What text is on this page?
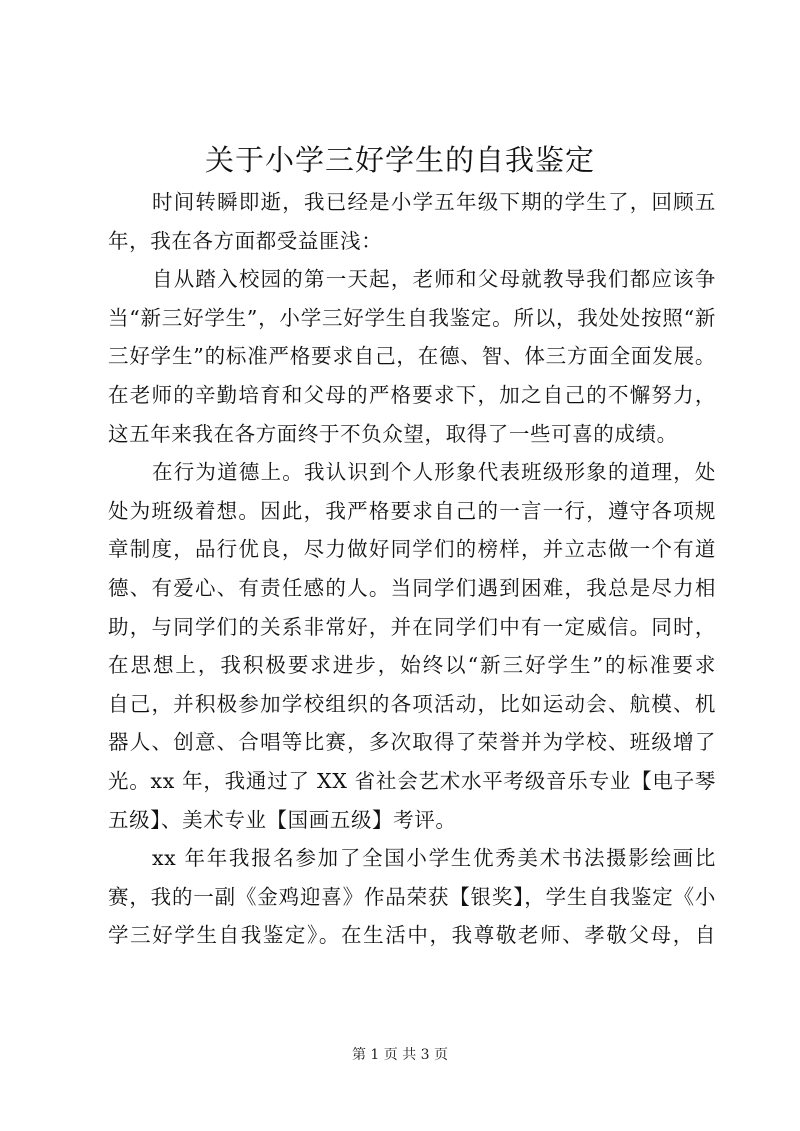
关于小学三好学生的自我鉴定
时间转瞬即逝，我已经是小学五年级下期的学生了，回顾五
年，我在各方面都受益匪浅：
自从踏入校园的第一天起，老师和父母就教导我们都应该争
当“新三好学生”，小学三好学生自我鉴定。所以，我处处按照“新
三好学生”的标准严格要求自己，在德、智、体三方面全面发展。
在老师的辛勤培育和父母的严格要求下，加之自己的不懈努力，
这五年来我在各方面终于不负众望，取得了一些可喜的成绩。
在行为道德上。我认识到个人形象代表班级形象的道理，处
处为班级着想。因此，我严格要求自己的一言一行，遵守各项规
章制度，品行优良，尽力做好同学们的榜样，并立志做一个有道
德、有爱心、有责任感的人。当同学们遇到困难，我总是尽力相
助，与同学们的关系非常好，并在同学们中有一定威信。同时，
在思想上，我积极要求进步，始终以“新三好学生”的标准要求
自己，并积极参加学校组织的各项活动，比如运动会、航模、机
器人、创意、合唱等比赛，多次取得了荣誉并为学校、班级增了
光。xx 年，我通过了 XX 省社会艺术水平考级音乐专业【电子琴
五级】、美术专业【国画五级】考评。
xx 年年我报名参加了全国小学生优秀美术书法摄影绘画比
赛，我的一副《金鸡迎喜》作品荣获【银奖】，学生自我鉴定《小
学三好学生自我鉴定》。在生活中，我尊敬老师、孝敬父母，自
第 1 页 共 3 页
